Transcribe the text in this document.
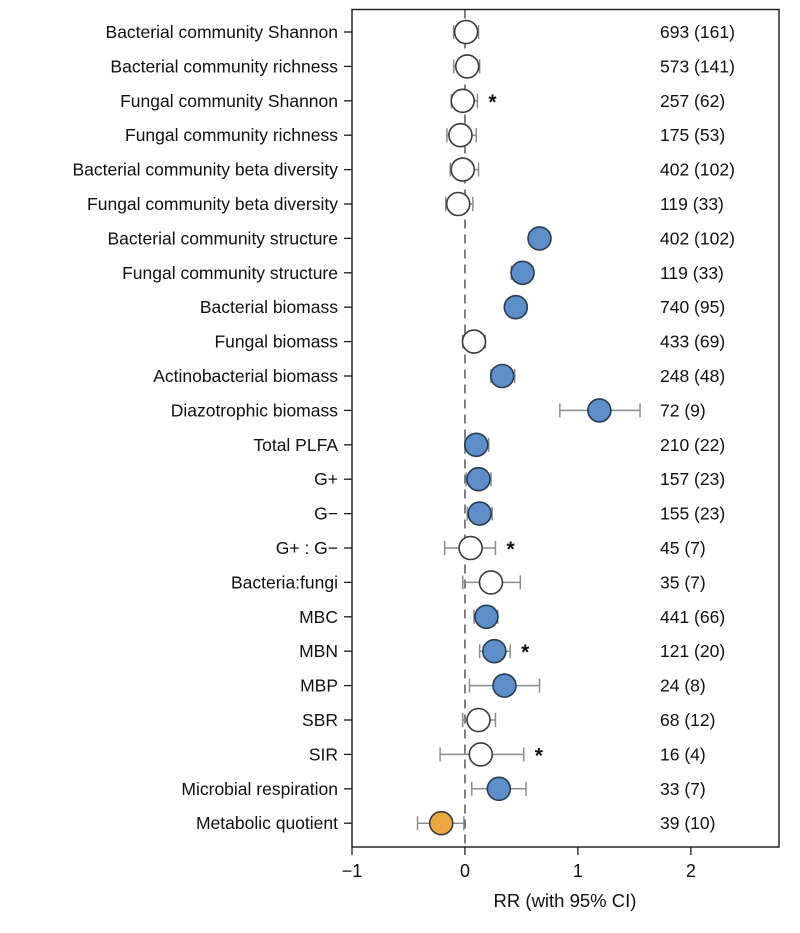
Bacterial community Shannon	693 (161)
Bacterial community richness	573 (141)
Fungal community Shannon	*	257 (62)
Fungal community richness	175 (53)
Bacterial community beta diversity	402 (102)
Fungal community beta diversity	119 (33)
Bacterial community structure	402 (102)
Fungal community structure	119 (33)
Bacterial biomass	740 (95)
Fungal biomass	433 (69)
Actinobacterial biomass	248 (48)
Diazotrophic biomass	72 (9)
Total PLFA	210 (22)
G+	157 (23)
G−	155 (23)
G+ : G−	*	45 (7)
Bacteria:fungi	35 (7)
MBC	441 (66)
MBN	*	121 (20)
MBP	24 (8)
SBR	68 (12)
SIR	*	16 (4)
Microbial respiration	33 (7)
Metabolic quotient	39 (10)
−1	0	1	2
RR (with 95% CI)
